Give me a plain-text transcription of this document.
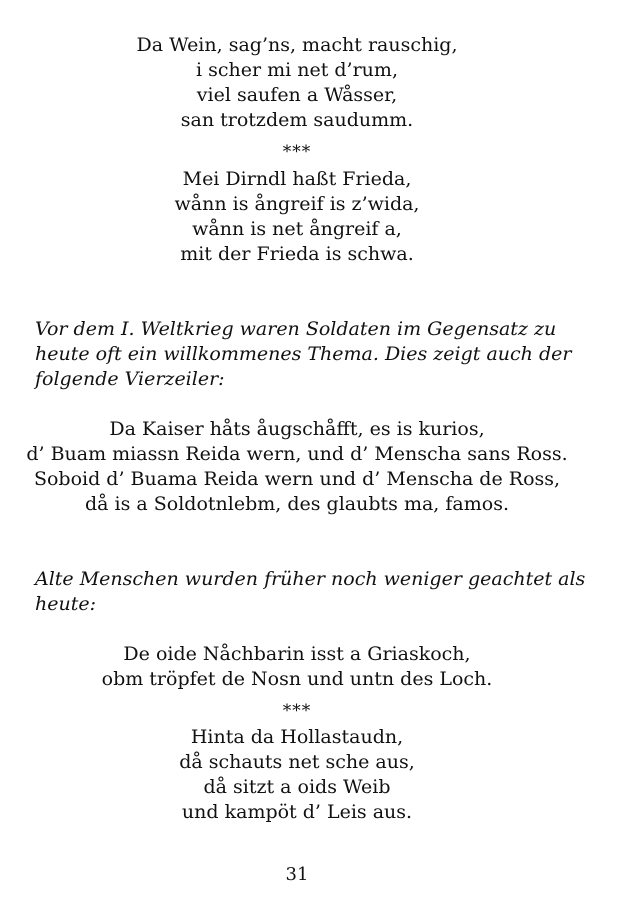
Da Wein, sag’ns, macht rauschig,
i scher mi net d’rum,
viel saufen a Wåsser,
san trotzdem saudumm.
***
Mei Dirndl haßt Frieda,
wånn is ångreif is z’wida,
wånn is net ångreif a,
mit der Frieda is schwa.
Vor dem I. Weltkrieg waren Soldaten im Gegensatz zu
heute oft ein willkommenes Thema. Dies zeigt auch der
folgende Vierzeiler:
Da Kaiser håts åugschåfft, es is kurios,
d’ Buam miassn Reida wern, und d’ Menscha sans Ross.
Soboid d’ Buama Reida wern und d’ Menscha de Ross,
då is a Soldotnlebm, des glaubts ma, famos.
Alte Menschen wurden früher noch weniger geachtet als
heute:
De oide Nåchbarin isst a Griaskoch,
obm tröpfet de Nosn und untn des Loch.
***
Hinta da Hollastaudn,
då schauts net sche aus,
då sitzt a oids Weib
und kampöt d’ Leis aus.
31
